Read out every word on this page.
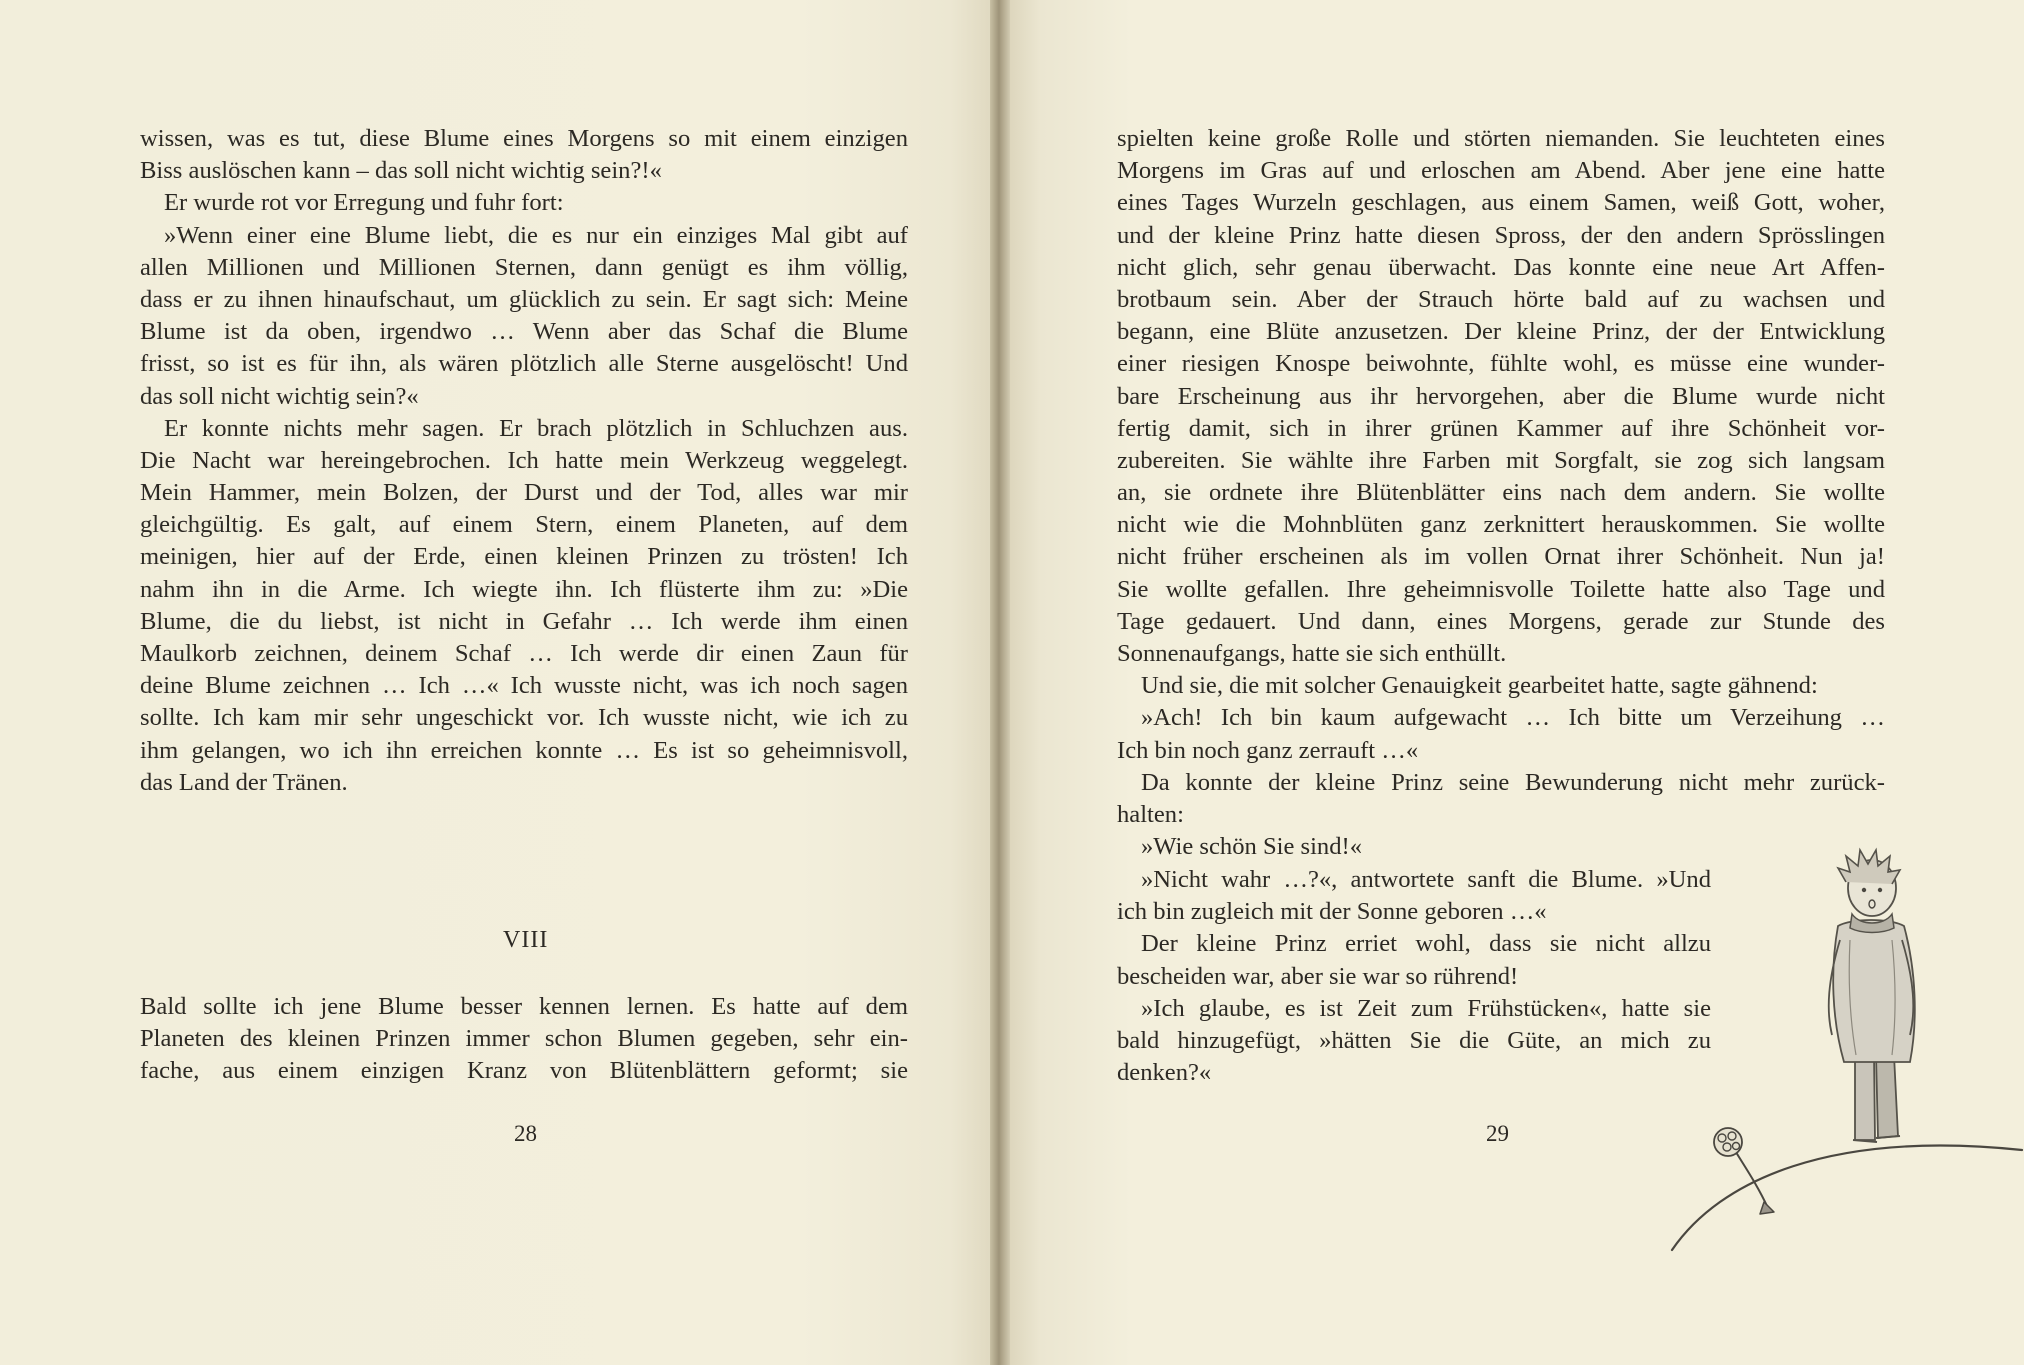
wissen, was es tut, diese Blume eines Morgens so mit einem einzigen
Biss auslöschen kann – das soll nicht wichtig sein?!«
Er wurde rot vor Erregung und fuhr fort:
»Wenn einer eine Blume liebt, die es nur ein einziges Mal gibt auf
allen Millionen und Millionen Sternen, dann genügt es ihm völlig,
dass er zu ihnen hinaufschaut, um glücklich zu sein. Er sagt sich: Meine
Blume ist da oben, irgendwo … Wenn aber das Schaf die Blume
frisst, so ist es für ihn, als wären plötzlich alle Sterne ausgelöscht! Und
das soll nicht wichtig sein?«
Er konnte nichts mehr sagen. Er brach plötzlich in Schluchzen aus.
Die Nacht war hereingebrochen. Ich hatte mein Werkzeug weggelegt.
Mein Hammer, mein Bolzen, der Durst und der Tod, alles war mir
gleichgültig. Es galt, auf einem Stern, einem Planeten, auf dem
meinigen, hier auf der Erde, einen kleinen Prinzen zu trösten! Ich
nahm ihn in die Arme. Ich wiegte ihn. Ich flüsterte ihm zu: »Die
Blume, die du liebst, ist nicht in Gefahr … Ich werde ihm einen
Maulkorb zeichnen, deinem Schaf … Ich werde dir einen Zaun für
deine Blume zeichnen … Ich …« Ich wusste nicht, was ich noch sagen
sollte. Ich kam mir sehr ungeschickt vor. Ich wusste nicht, wie ich zu
ihm gelangen, wo ich ihn erreichen konnte … Es ist so geheimnisvoll,
das Land der Tränen.
VIII
Bald sollte ich jene Blume besser kennen lernen. Es hatte auf dem
Planeten des kleinen Prinzen immer schon Blumen gegeben, sehr ein-
fache, aus einem einzigen Kranz von Blütenblättern geformt; sie
28
spielten keine große Rolle und störten niemanden. Sie leuchteten eines
Morgens im Gras auf und erloschen am Abend. Aber jene eine hatte
eines Tages Wurzeln geschlagen, aus einem Samen, weiß Gott, woher,
und der kleine Prinz hatte diesen Spross, der den andern Sprösslingen
nicht glich, sehr genau überwacht. Das konnte eine neue Art Affen-
brotbaum sein. Aber der Strauch hörte bald auf zu wachsen und
begann, eine Blüte anzusetzen. Der kleine Prinz, der der Entwicklung
einer riesigen Knospe beiwohnte, fühlte wohl, es müsse eine wunder-
bare Erscheinung aus ihr hervorgehen, aber die Blume wurde nicht
fertig damit, sich in ihrer grünen Kammer auf ihre Schönheit vor-
zubereiten. Sie wählte ihre Farben mit Sorgfalt, sie zog sich langsam
an, sie ordnete ihre Blütenblätter eins nach dem andern. Sie wollte
nicht wie die Mohnblüten ganz zerknittert herauskommen. Sie wollte
nicht früher erscheinen als im vollen Ornat ihrer Schönheit. Nun ja!
Sie wollte gefallen. Ihre geheimnisvolle Toilette hatte also Tage und
Tage gedauert. Und dann, eines Morgens, gerade zur Stunde des
Sonnenaufgangs, hatte sie sich enthüllt.
Und sie, die mit solcher Genauigkeit gearbeitet hatte, sagte gähnend:
»Ach! Ich bin kaum aufgewacht … Ich bitte um Verzeihung …
Ich bin noch ganz zerrauft …«
Da konnte der kleine Prinz seine Bewunderung nicht mehr zurück-
halten:
»Wie schön Sie sind!«
»Nicht wahr …?«, antwortete sanft die Blume. »Und
ich bin zugleich mit der Sonne geboren …«
Der kleine Prinz erriet wohl, dass sie nicht allzu
bescheiden war, aber sie war so rührend!
»Ich glaube, es ist Zeit zum Frühstücken«, hatte sie
bald hinzugefügt, »hätten Sie die Güte, an mich zu
denken?«
29
